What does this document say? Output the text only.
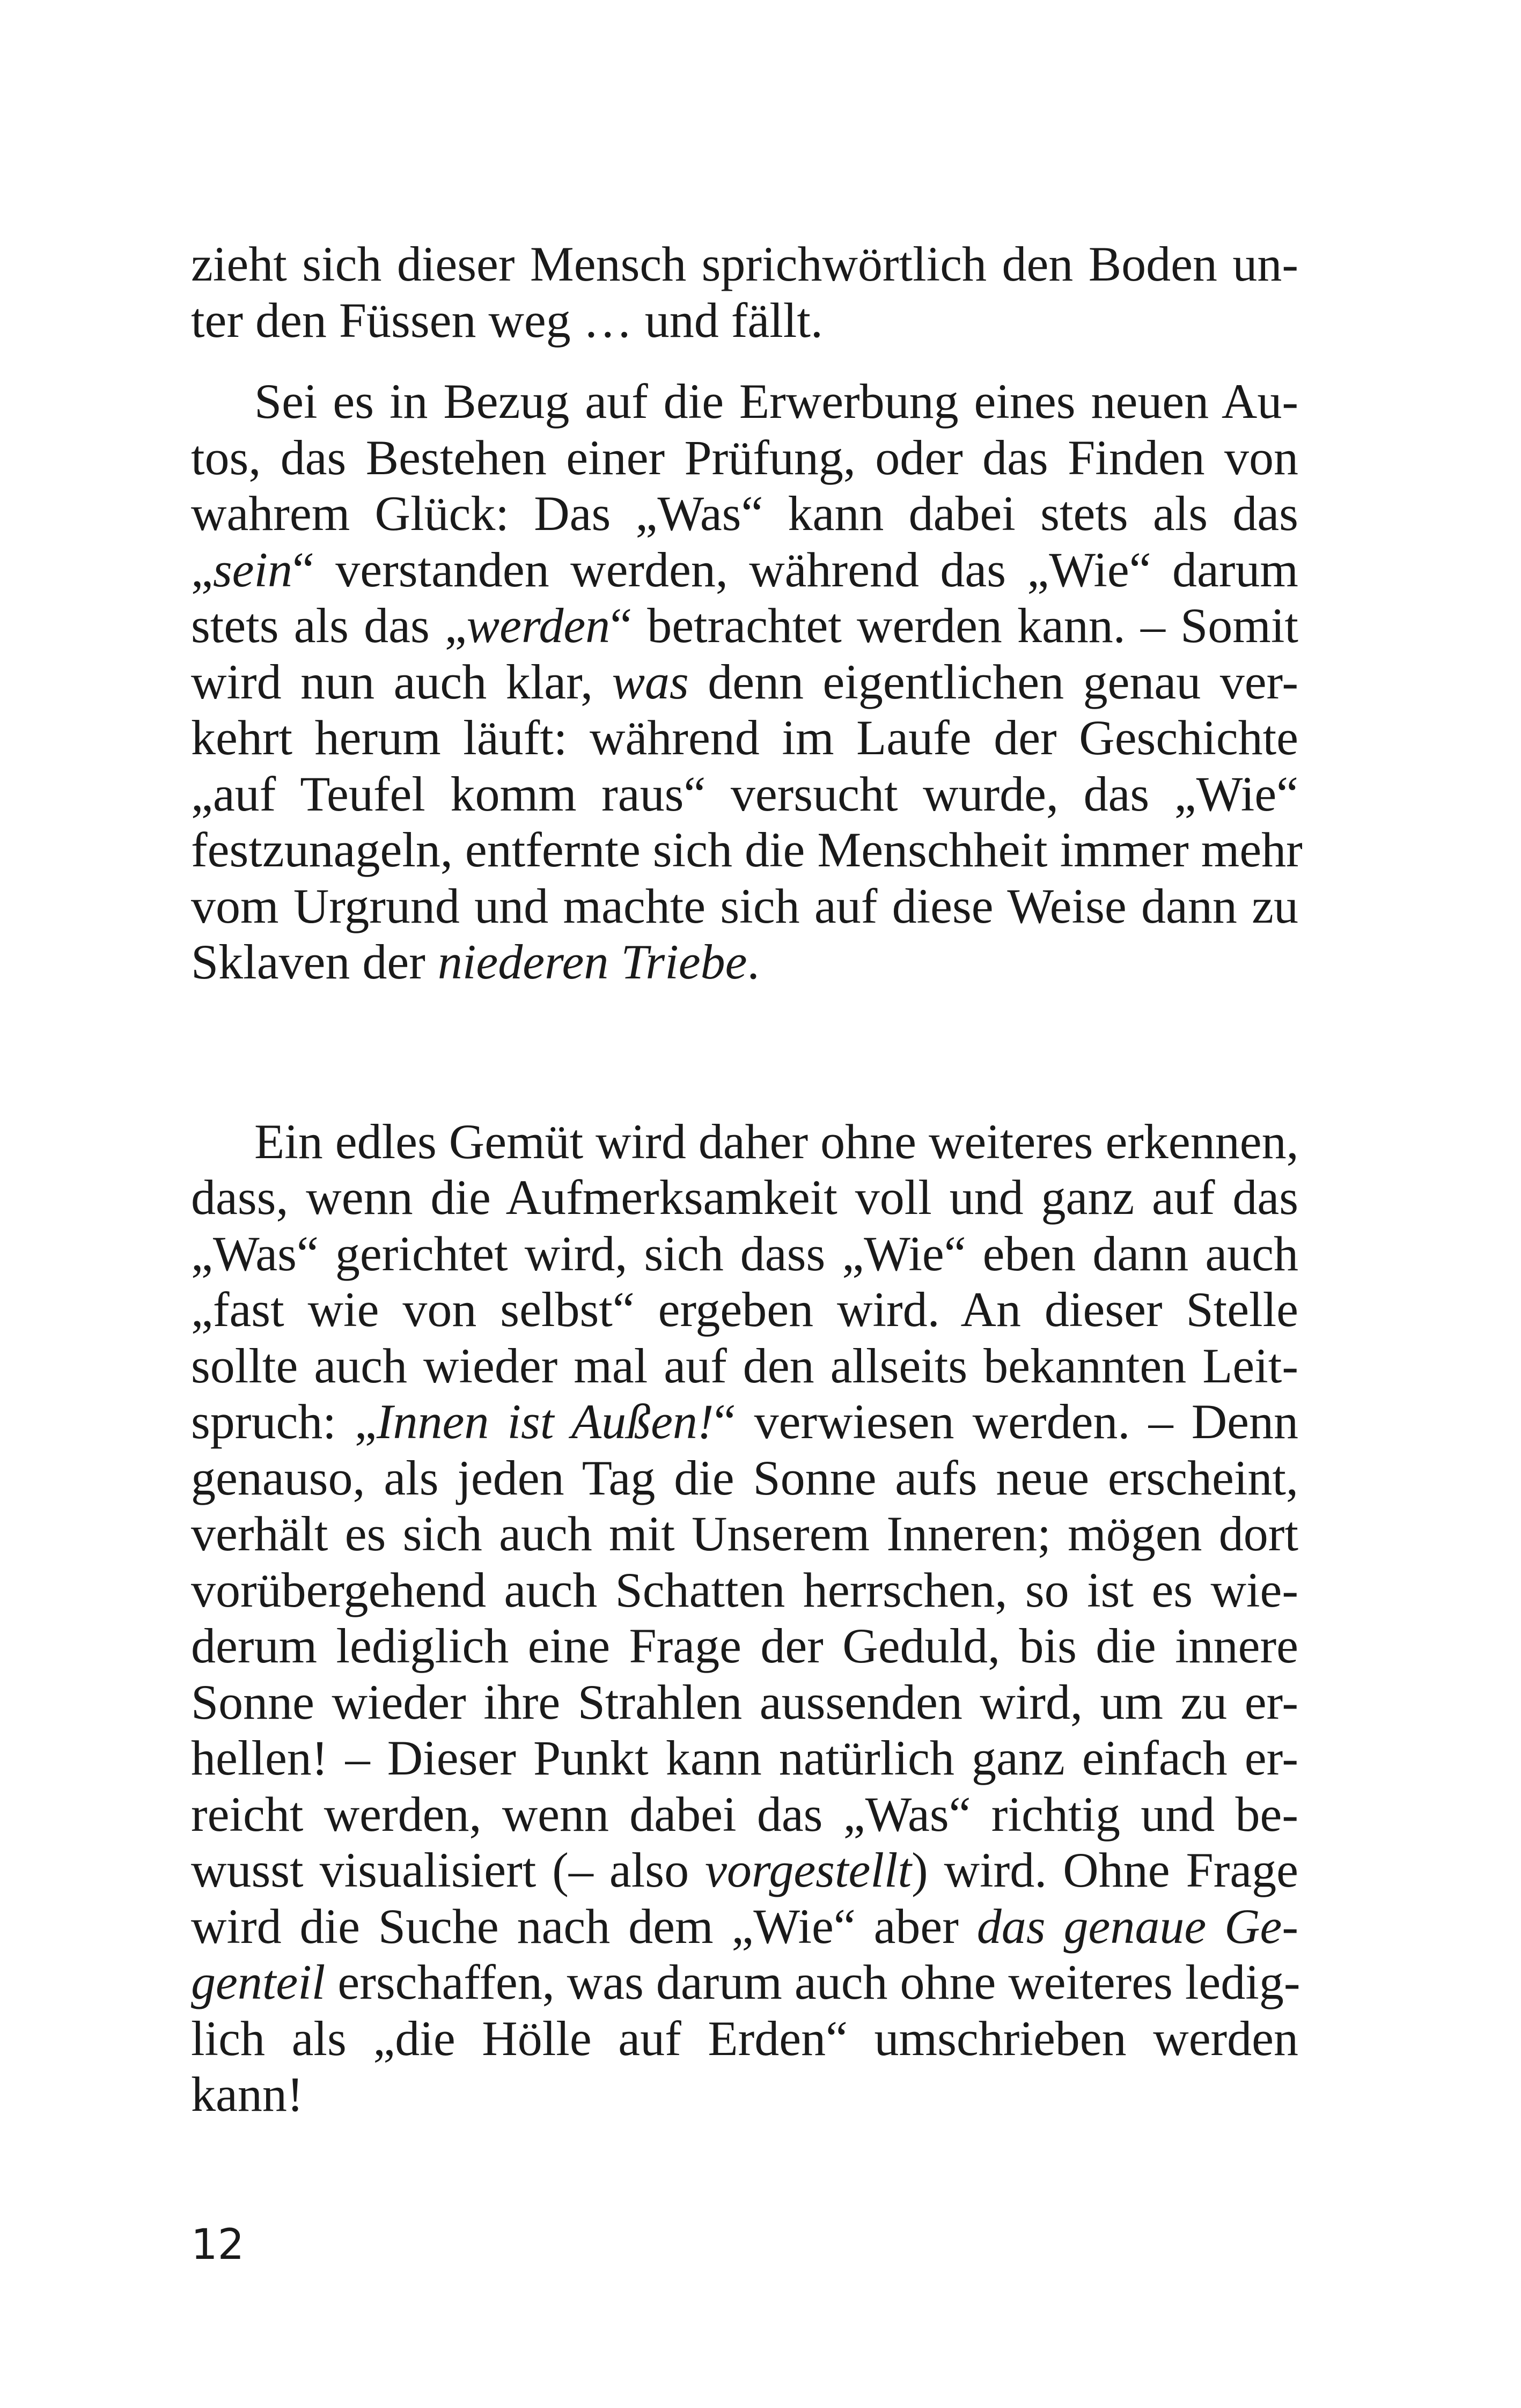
zieht sich dieser Mensch sprichwörtlich den Boden un-
ter den Füssen weg … und fällt.
Sei es in Bezug auf die Erwerbung eines neuen Au-
tos, das Bestehen einer Prüfung, oder das Finden von
wahrem Glück: Das „Was“ kann dabei stets als das
„sein“ verstanden werden, während das „Wie“ darum
stets als das „werden“ betrachtet werden kann. – Somit
wird nun auch klar, was denn eigentlichen genau ver-
kehrt herum läuft: während im Laufe der Geschichte
„auf Teufel komm raus“ versucht wurde, das „Wie“
festzunageln, entfernte sich die Menschheit immer mehr
vom Urgrund und machte sich auf diese Weise dann zu
Sklaven der niederen Triebe.
Ein edles Gemüt wird daher ohne weiteres erkennen,
dass, wenn die Aufmerksamkeit voll und ganz auf das
„Was“ gerichtet wird, sich dass „Wie“ eben dann auch
„fast wie von selbst“ ergeben wird. An dieser Stelle
sollte auch wieder mal auf den allseits bekannten Leit-
spruch: „Innen ist Außen!“ verwiesen werden. – Denn
genauso, als jeden Tag die Sonne aufs neue erscheint,
verhält es sich auch mit Unserem Inneren; mögen dort
vorübergehend auch Schatten herrschen, so ist es wie-
derum lediglich eine Frage der Geduld, bis die innere
Sonne wieder ihre Strahlen aussenden wird, um zu er-
hellen! – Dieser Punkt kann natürlich ganz einfach er-
reicht werden, wenn dabei das „Was“ richtig und be-
wusst visualisiert (– also vorgestellt) wird. Ohne Frage
wird die Suche nach dem „Wie“ aber das genaue Ge-
genteil erschaffen, was darum auch ohne weiteres ledig-
lich als „die Hölle auf Erden“ umschrieben werden
kann!
12
